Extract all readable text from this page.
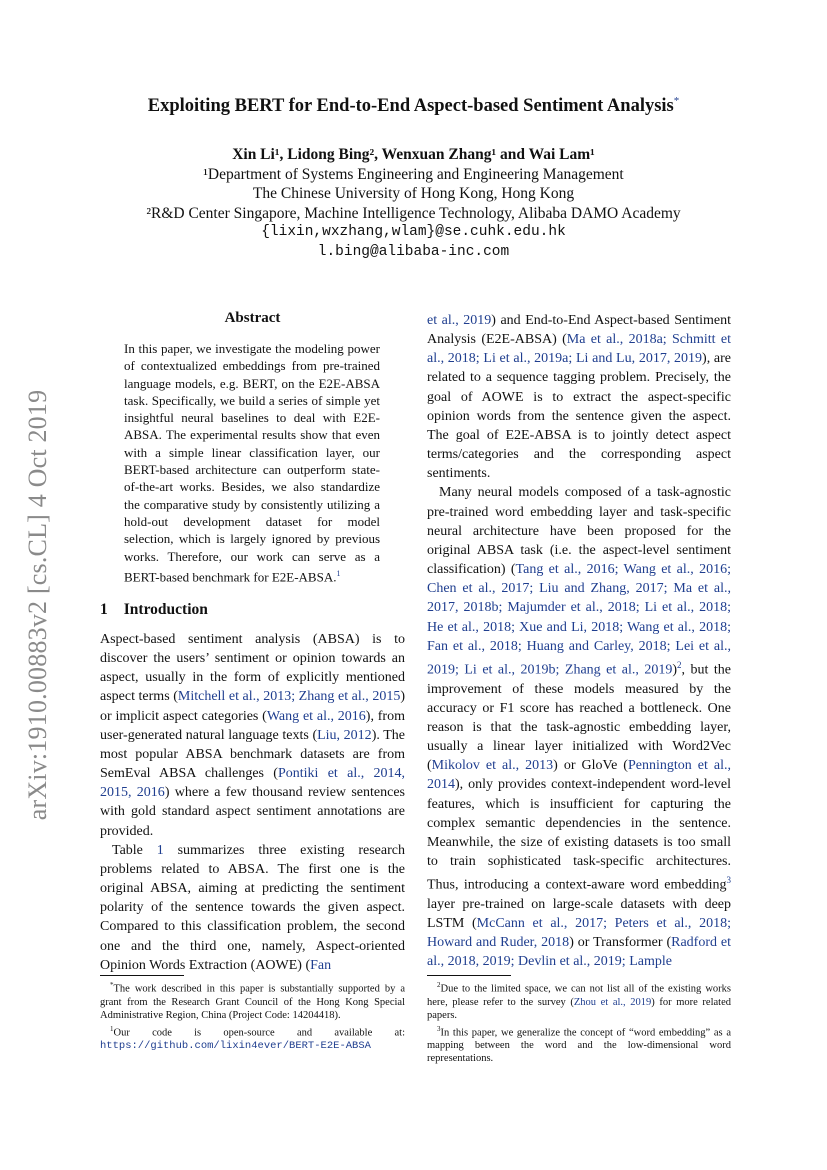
arXiv:1910.00883v2 [cs.CL] 4 Oct 2019
Exploiting BERT for End-to-End Aspect-based Sentiment Analysis*
Xin Li¹, Lidong Bing², Wenxuan Zhang¹ and Wai Lam¹
¹Department of Systems Engineering and Engineering Management
The Chinese University of Hong Kong, Hong Kong
²R&D Center Singapore, Machine Intelligence Technology, Alibaba DAMO Academy
{lixin,wxzhang,wlam}@se.cuhk.edu.hk
l.bing@alibaba-inc.com
Abstract
In this paper, we investigate the modeling power of contextualized embeddings from pre-trained language models, e.g. BERT, on the E2E-ABSA task. Specifically, we build a series of simple yet insightful neural baselines to deal with E2E-ABSA. The experimental results show that even with a simple linear classification layer, our BERT-based architecture can outperform state-of-the-art works. Besides, we also standardize the comparative study by consistently utilizing a hold-out development dataset for model selection, which is largely ignored by previous works. Therefore, our work can serve as a BERT-based benchmark for E2E-ABSA.$^1$
1 Introduction

Aspect-based sentiment analysis (ABSA) is to discover the users’ sentiment or opinion towards an aspect, usually in the form of explicitly mentioned aspect terms (Mitchell et al., 2013; Zhang et al., 2015) or implicit aspect categories (Wang et al., 2016), from user-generated natural language texts (Liu, 2012). The most popular ABSA benchmark datasets are from SemEval ABSA challenges (Pontiki et al., 2014, 2015, 2016) where a few thousand review sentences with gold standard aspect sentiment annotations are provided.

Table 1 summarizes three existing research problems related to ABSA. The first one is the original ABSA, aiming at predicting the sentiment polarity of the sentence towards the given aspect. Compared to this classification problem, the second one and the third one, namely, Aspect-oriented Opinion Words Extraction (AOWE) (Fan

et al., 2019) and End-to-End Aspect-based Sentiment Analysis (E2E-ABSA) (Ma et al., 2018a; Schmitt et al., 2018; Li et al., 2019a; Li and Lu, 2017, 2019), are related to a sequence tagging problem. Precisely, the goal of AOWE is to extract the aspect-specific opinion words from the sentence given the aspect. The goal of E2E-ABSA is to jointly detect aspect terms/categories and the corresponding aspect sentiments.

Many neural models composed of a task-agnostic pre-trained word embedding layer and task-specific neural architecture have been proposed for the original ABSA task (i.e. the aspect-level sentiment classification) (Tang et al., 2016; Wang et al., 2016; Chen et al., 2017; Liu and Zhang, 2017; Ma et al., 2017, 2018b; Majumder et al., 2018; Li et al., 2018; He et al., 2018; Xue and Li, 2018; Wang et al., 2018; Fan et al., 2018; Huang and Carley, 2018; Lei et al., 2019; Li et al., 2019b; Zhang et al., 2019)$^2$, but the improvement of these models measured by the accuracy or F1 score has reached a bottleneck. One reason is that the task-agnostic embedding layer, usually a linear layer initialized with Word2Vec (Mikolov et al., 2013) or GloVe (Pennington et al., 2014), only provides context-independent word-level features, which is insufficient for capturing the complex semantic dependencies in the sentence. Meanwhile, the size of existing datasets is too small to train sophisticated task-specific architectures. Thus, introducing a context-aware word embedding$^3$ layer pre-trained on large-scale datasets with deep LSTM (McCann et al., 2017; Peters et al., 2018; Howard and Ruder, 2018) or Transformer (Radford et al., 2018, 2019; Devlin et al., 2019; Lample

*The work described in this paper is substantially supported by a grant from the Research Grant Council of the Hong Kong Special Administrative Region, China (Project Code: 14204418).

$^1$Our code is open-source and available at: https://github.com/lixin4ever/BERT-E2E-ABSA

$^2$Due to the limited space, we can not list all of the existing works here, please refer to the survey (Zhou et al., 2019) for more related papers.

$^3$In this paper, we generalize the concept of “word embedding” as a mapping between the word and the low-dimensional word representations.
